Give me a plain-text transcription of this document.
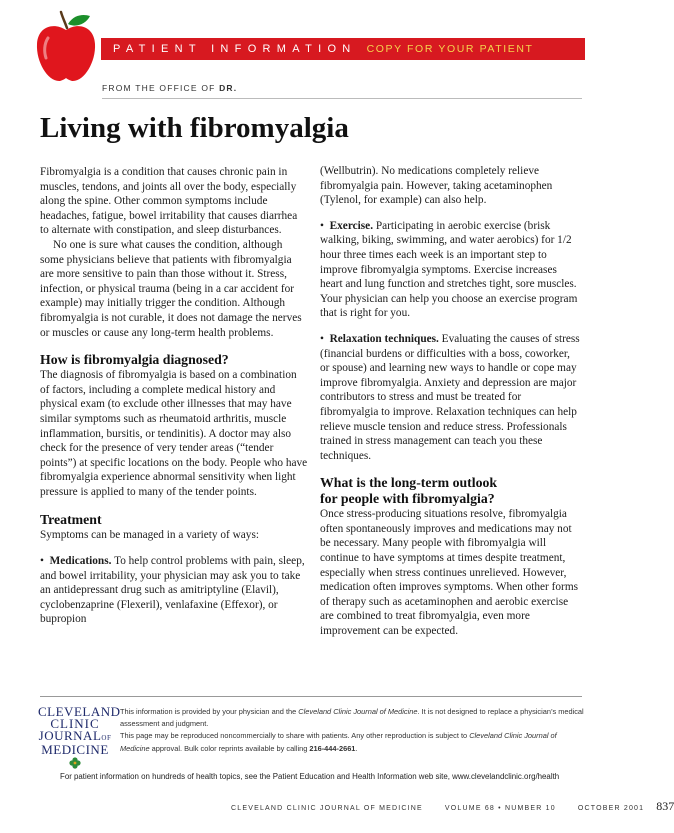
PATIENT INFORMATION COPY FOR YOUR PATIENT
FROM THE OFFICE OF DR.
Living with fibromyalgia

Fibromyalgia is a condition that causes chronic pain in muscles, tendons, and joints all over the body, especially along the spine. Other common symptoms include headaches, fatigue, bowel irritability that causes diarrhea to alternate with constipation, and sleep disturbances.

No one is sure what causes the condition, although some physicians believe that patients with fibromyalgia are more sensitive to pain than those without it. Stress, infection, or physical trauma (being in a car accident for example) may initially trigger the condition. Although fibromyalgia is not curable, it does not damage the nerves or muscles or cause any long-term health problems.

How is fibromyalgia diagnosed?

The diagnosis of fibromyalgia is based on a combination of factors, including a complete medical history and physical exam (to exclude other illnesses that may have similar symptoms such as rheumatoid arthritis, muscle inflammation, bursitis, or tendinitis). A doctor may also check for the presence of very tender areas (“tender points”) at specific locations on the body. People who have fibromyalgia experience abnormal sensitivity when light pressure is applied to many of the tender points.

Treatment

Symptoms can be managed in a variety of ways:

• Medications. To help control problems with pain, sleep, and bowel irritability, your physician may ask you to take an antidepressant drug such as amitriptyline (Elavil), cyclobenzaprine (Flexeril), venlafaxine (Effexor), or bupropion

(Wellbutrin). No medications completely relieve fibromyalgia pain. However, taking acetaminophen (Tylenol, for example) can also help.

• Exercise. Participating in aerobic exercise (brisk walking, biking, swimming, and water aerobics) for 1/2 hour three times each week is an important step to improve fibromyalgia symptoms. Exercise increases heart and lung function and stretches tight, sore muscles. Your physician can help you choose an exercise program that is right for you.

• Relaxation techniques. Evaluating the causes of stress (financial burdens or difficulties with a boss, coworker, or spouse) and learning new ways to handle or cope may improve fibromyalgia. Anxiety and depression are major contributors to stress and must be treated for fibromyalgia to improve. Relaxation techniques can help relieve muscle tension and reduce stress. Professionals trained in stress management can teach you these techniques.

What is the long-term outlook
for people with fibromyalgia?

Once stress-producing situations resolve, fibromyalgia often spontaneously improves and medications may not be necessary. Many people with fibromyalgia will continue to have symptoms at times despite treatment, especially when stress continues unrelieved. However, medication often improves symptoms. When other forms of therapy such as acetaminophen and aerobic exercise are combined to treat fibromyalgia, even more improvement can be expected.

CLEVELAND
CLINIC
JOURNALOF
MEDICINE

This information is provided by your physician and the Cleveland Clinic Journal of Medicine. It is not designed to replace a physician’s medical assessment and judgment.

This page may be reproduced noncommercially to share with patients. Any other reproduction is subject to Cleveland Clinic Journal of Medicine approval. Bulk color reprints available by calling 216-444-2661.

For patient information on hundreds of health topics, see the Patient Education and Health Information web site, www.clevelandclinic.org/health
CLEVELAND CLINIC JOURNAL OF MEDICINE	VOLUME 68 • NUMBER 10	OCTOBER 2001 837
